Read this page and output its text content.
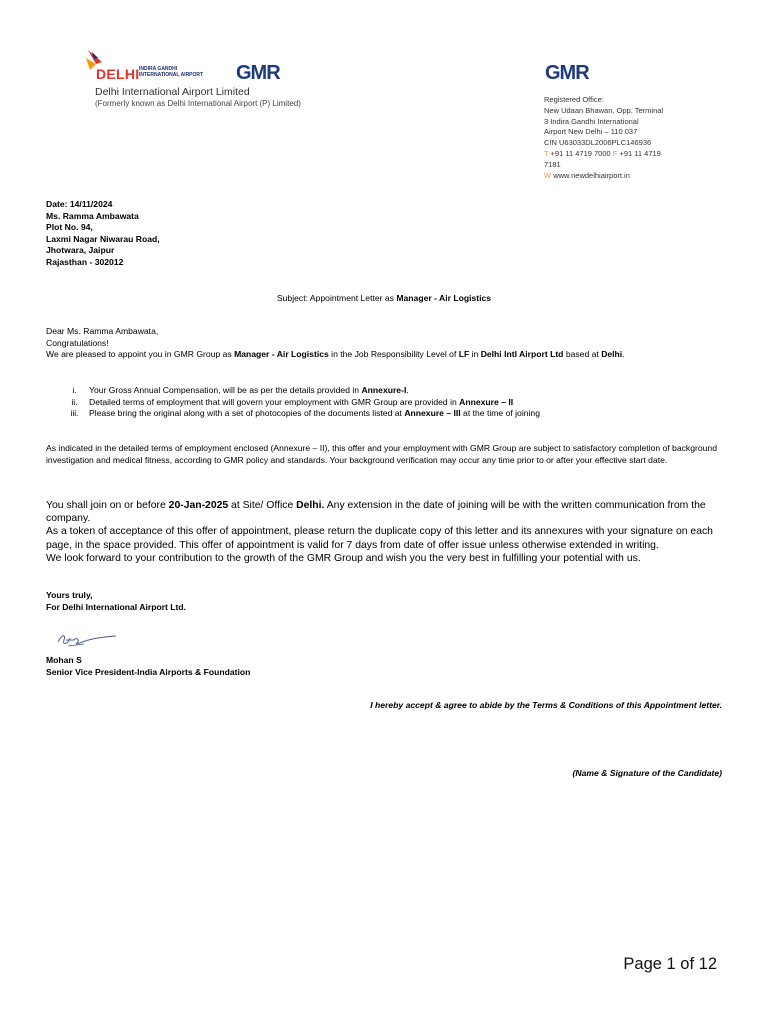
DELHI INDIRA GANDHI
INTERNATIONAL AIRPORT GMR
Delhi International Airport Limited
(Formerly known as Delhi International Airport (P) Limited)
GMR
Registered Office:
New Udaan Bhawan, Opp. Terminal
3 Indira Gandhi International
Airport New Delhi – 110 037
CIN U63033DL2006PLC146936
T +91 11 4719 7000 F +91 11 4719
7181
W www.newdelhiairport.in
Date: 14/11/2024
Ms. Ramma Ambawata
Plot No. 94,
Laxmi Nagar Niwarau Road,
Jhotwara, Jaipur
Rajasthan - 302012
Subject: Appointment Letter as Manager - Air Logistics
Dear Ms. Ramma Ambawata,
Congratulations!
We are pleased to appoint you in GMR Group as Manager - Air Logistics in the Job Responsibility Level of LF in Delhi Intl Airport Ltd based at Delhi.
i.	Your Gross Annual Compensation, will be as per the details provided in Annexure-I.
ii.	Detailed terms of employment that will govern your employment with GMR Group are provided in Annexure – II
iii.	Please bring the original along with a set of photocopies of the documents listed at Annexure – III at the time of joining
As indicated in the detailed terms of employment enclosed (Annexure – II), this offer and your employment with GMR Group are subject to satisfactory completion of background investigation and medical fitness, according to GMR policy and standards. Your background verification may occur any time prior to or after your effective start date.
You shall join on or before 20-Jan-2025 at Site/ Office Delhi. Any extension in the date of joining will be with the written communication from the company.
As a token of acceptance of this offer of appointment, please return the duplicate copy of this letter and its annexures with your signature on each page, in the space provided. This offer of appointment is valid for 7 days from date of offer issue unless otherwise extended in writing.
We look forward to your contribution to the growth of the GMR Group and wish you the very best in fulfilling your potential with us.
Yours truly,
For Delhi International Airport Ltd.
Mohan S
Senior Vice President-India Airports & Foundation
I hereby accept & agree to abide by the Terms & Conditions of this Appointment letter.
(Name & Signature of the Candidate)
Page 1 of 12
